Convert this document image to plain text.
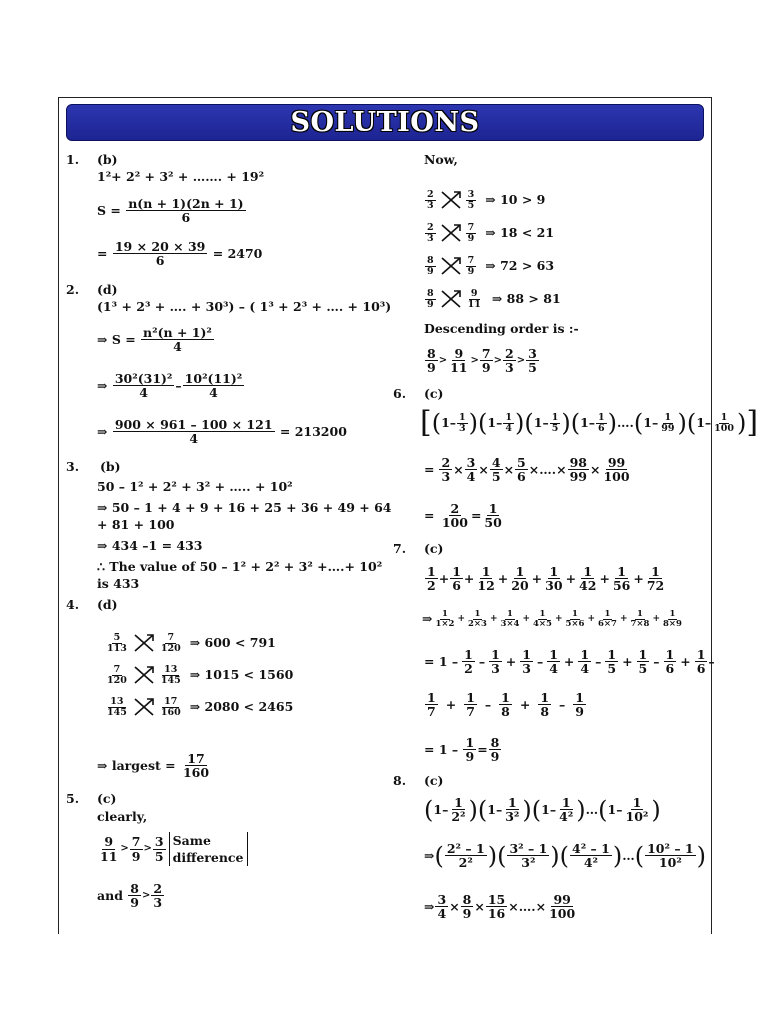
SOLUTIONS
1. (b)
1²+ 2² + 3² + ……. + 19²
S =
$\frac{n(n + 1)(2n + 1)}{6}$
=
$\frac{19 \times 20 \times 39}{6}$
= 2470
2. (d)
(1³ + 2³ + …. + 30³) – ( 1³ + 2³ + …. + 10³)
⇒ S =
$\frac{\text{n²(n + 1)²}}{4}$
⇒
$\frac{\text{30²(31)²}}{4} - \frac{\text{10²(11)²}}{4}$
⇒
$\frac{900 \times 961 - 100 \times 121}{4}$
= 213200
3. (b)
50 – 1² + 2² + 3² + ….. + 10²
⇒ 50 – 1 + 4 + 9 + 16 + 25 + 36 + 49 + 64
+ 81 + 100
⇒ 434 –1 = 433
∴ The value of 50 – 1² + 2² + 3² +….+ 10²
is 433
4. (d)
$\frac{5}{113}$	$\frac{7}{120}$ ⇒ 600 < 791
$\frac{7}{120}$	$\frac{13}{145}$ ⇒ 1015 < 1560
$\frac{13}{145}$	$\frac{17}{160}$ ⇒ 2080 < 2465
⇒ largest =
$\frac{17}{160}$
5. (c)
clearly,
$\frac{9}{11} > \frac{7}{9} > \frac{3}{5}$ Same
difference
and
$\frac{8}{9} > \frac{2}{3}$
Now,
$\frac{2}{3}$	$\frac{3}{5}$ ⇒ 10 > 9
$\frac{2}{3}$	$\frac{7}{9}$ ⇒ 18 < 21
$\frac{8}{9}$	$\frac{7}{9}$ ⇒ 72 > 63
$\frac{8}{9}$	$\frac{9}{11}$ ⇒ 88 > 81
Descending order is :-
$\frac{8}{9} > \frac{9}{11} > \frac{7}{9} > \frac{2}{3} > \frac{3}{5}$
6. (c)
[ ( $1 - \frac{1}{3}$ ) ( $1 - \frac{1}{4}$ ) ( $1 - \frac{1}{5}$ ) ( $1 - \frac{1}{6}$ ) …. ( $1 - \frac{1}{99}$ ) ( $1 - \frac{1}{100}$ ) ]
= $\frac{2}{3} \times \frac{3}{4} \times \frac{4}{5} \times \frac{5}{6}$ × …. × $\frac{98}{99} \times \frac{99}{100}$
=
$\frac{2}{100} = \frac{1}{50}$
7. (c)
$\frac{1}{2} + \frac{1}{6} + \frac{1}{12} + \frac{1}{20} + \frac{1}{30} + \frac{1}{42} + \frac{1}{56} + \frac{1}{72}$
⇒ $\frac{1}{1\times 2} + \frac{1}{2\times 3} + \frac{1}{3\times 4} + \frac{1}{4\times 5} + \frac{1}{5\times 6} + \frac{1}{6\times 7} + \frac{1}{7\times 8} + \frac{1}{8\times 9}$
= $1 - \frac{1}{2} - \frac{1}{3} + \frac{1}{3} - \frac{1}{4} + \frac{1}{4} - \frac{1}{5} + \frac{1}{5} - \frac{1}{6} + \frac{1}{6}$ –
$\frac{1}{7} + \frac{1}{7} - \frac{1}{8} + \frac{1}{8} - \frac{1}{9}$
= 1 –
$\frac{1}{9} = \frac{8}{9}$
8. (c)
( $1 - \frac{1}{\text{2²}}$ ) ( $1 - \frac{1}{\text{3²}}$ ) ( $1 - \frac{1}{\text{4²}}$ ) … ( $1 - \frac{1}{\text{10²}}$ )
⇒ ( $\frac{\text{2² – 1}}{\text{2²}}$ ) ( $\frac{\text{3² – 1}}{\text{3²}}$ ) ( $\frac{\text{4² – 1}}{\text{4²}}$ ) … ( $\frac{\text{10² – 1}}{\text{10²}}$ )
⇒ $\frac{3}{4} \times \frac{8}{9} \times \frac{15}{16}$ × …. × $\frac{99}{100}$
